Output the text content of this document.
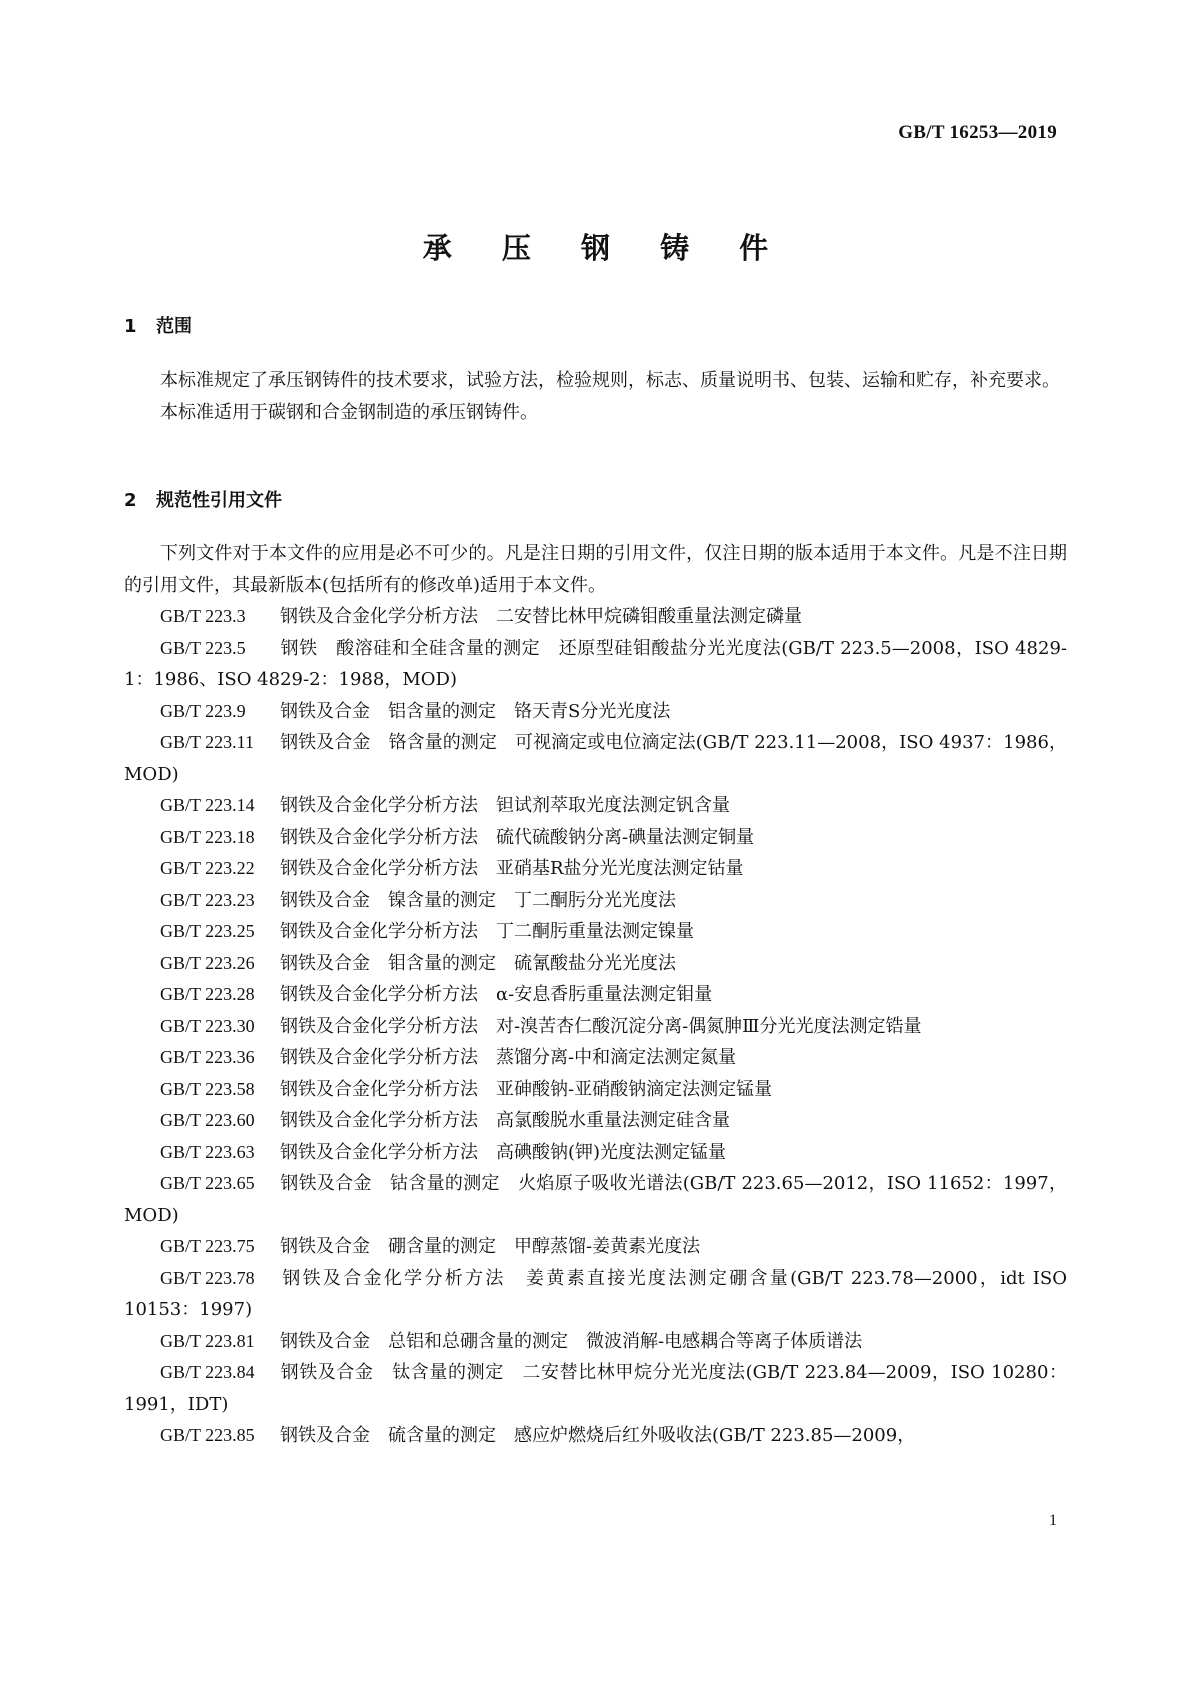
GB/T 16253—2019
承 压 钢 铸 件
1 范围

本标准规定了承压钢铸件的技术要求，试验方法，检验规则，标志、质量说明书、包装、运输和贮存，补充要求。

本标准适用于碳钢和合金钢制造的承压钢铸件。

2 规范性引用文件

下列文件对于本文件的应用是必不可少的。凡是注日期的引用文件，仅注日期的版本适用于本文件。凡是不注日期的引用文件，其最新版本(包括所有的修改单)适用于本文件。

GB/T 223.3 钢铁及合金化学分析方法　二安替比林甲烷磷钼酸重量法测定磷量
GB/T 223.5 钢铁　酸溶硅和全硅含量的测定　还原型硅钼酸盐分光光度法(GB/T 223.5—2008，ISO 4829-1：1986、ISO 4829-2：1988，MOD)
GB/T 223.9 钢铁及合金　铝含量的测定　铬天青S分光光度法
GB/T 223.11 钢铁及合金　铬含量的测定　可视滴定或电位滴定法(GB/T 223.11—2008，ISO 4937：1986，MOD)
GB/T 223.14 钢铁及合金化学分析方法　钽试剂萃取光度法测定钒含量
GB/T 223.18 钢铁及合金化学分析方法　硫代硫酸钠分离-碘量法测定铜量
GB/T 223.22 钢铁及合金化学分析方法　亚硝基R盐分光光度法测定钴量
GB/T 223.23 钢铁及合金　镍含量的测定　丁二酮肟分光光度法
GB/T 223.25 钢铁及合金化学分析方法　丁二酮肟重量法测定镍量
GB/T 223.26 钢铁及合金　钼含量的测定　硫氰酸盐分光光度法
GB/T 223.28 钢铁及合金化学分析方法　α-安息香肟重量法测定钼量
GB/T 223.30 钢铁及合金化学分析方法　对-溴苦杏仁酸沉淀分离-偶氮胂Ⅲ分光光度法测定锆量
GB/T 223.36 钢铁及合金化学分析方法　蒸馏分离-中和滴定法测定氮量
GB/T 223.58 钢铁及合金化学分析方法　亚砷酸钠-亚硝酸钠滴定法测定锰量
GB/T 223.60 钢铁及合金化学分析方法　高氯酸脱水重量法测定硅含量
GB/T 223.63 钢铁及合金化学分析方法　高碘酸钠(钾)光度法测定锰量
GB/T 223.65 钢铁及合金　钴含量的测定　火焰原子吸收光谱法(GB/T 223.65—2012，ISO 11652：1997，MOD)
GB/T 223.75 钢铁及合金　硼含量的测定　甲醇蒸馏-姜黄素光度法
GB/T 223.78 钢铁及合金化学分析方法　姜黄素直接光度法测定硼含量(GB/T 223.78—2000，idt ISO 10153：1997)
GB/T 223.81 钢铁及合金　总铝和总硼含量的测定　微波消解-电感耦合等离子体质谱法
GB/T 223.84 钢铁及合金　钛含量的测定　二安替比林甲烷分光光度法(GB/T 223.84—2009，ISO 10280：1991，IDT)
GB/T 223.85 钢铁及合金　硫含量的测定　感应炉燃烧后红外吸收法(GB/T 223.85—2009，
1
